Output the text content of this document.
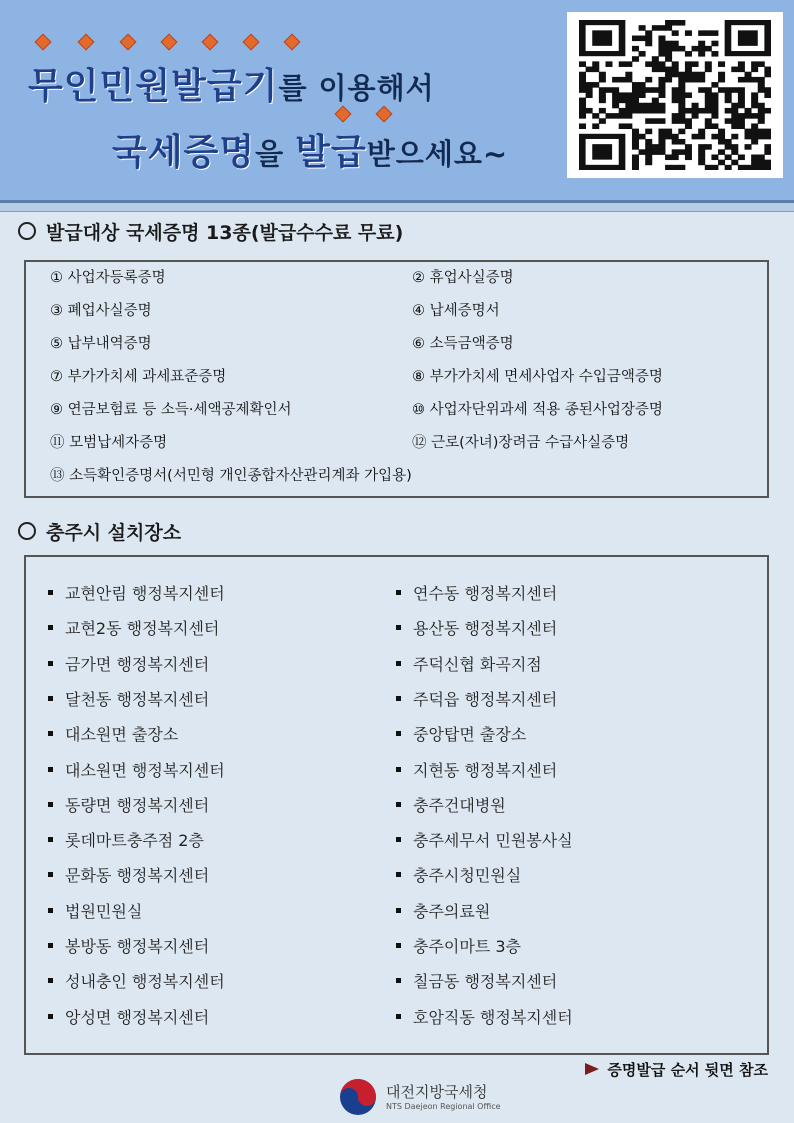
무인민원발급기를 이용해서
국세증명을 발급받으세요~
발급대상 국세증명 13종(발급수수료 무료)
① 사업자등록증명	② 휴업사실증명
③ 폐업사실증명	④ 납세증명서
⑤ 납부내역증명	⑥ 소득금액증명
⑦ 부가가치세 과세표준증명	⑧ 부가가치세 면세사업자 수입금액증명
⑨ 연금보험료 등 소득·세액공제확인서	⑩ 사업자단위과세 적용 종된사업장증명
⑪ 모범납세자증명	⑫ 근로(자녀)장려금 수급사실증명
⑬ 소득확인증명서(서민형 개인종합자산관리계좌 가입용)
충주시 설치장소
교현안림 행정복지센터
교현2동 행정복지센터
금가면 행정복지센터
달천동 행정복지센터
대소원면 출장소
대소원면 행정복지센터
동량면 행정복지센터
롯데마트충주점 2층
문화동 행정복지센터
법원민원실
봉방동 행정복지센터
성내충인 행정복지센터
앙성면 행정복지센터
연수동 행정복지센터
용산동 행정복지센터
주덕신협 화곡지점
주덕읍 행정복지센터
중앙탑면 출장소
지현동 행정복지센터
충주건대병원
충주세무서 민원봉사실
충주시청민원실
충주의료원
충주이마트 3층
칠금동 행정복지센터
호암직동 행정복지센터
증명발급 순서 뒷면 참조
대전지방국세청
NTS Daejeon Regional Office
